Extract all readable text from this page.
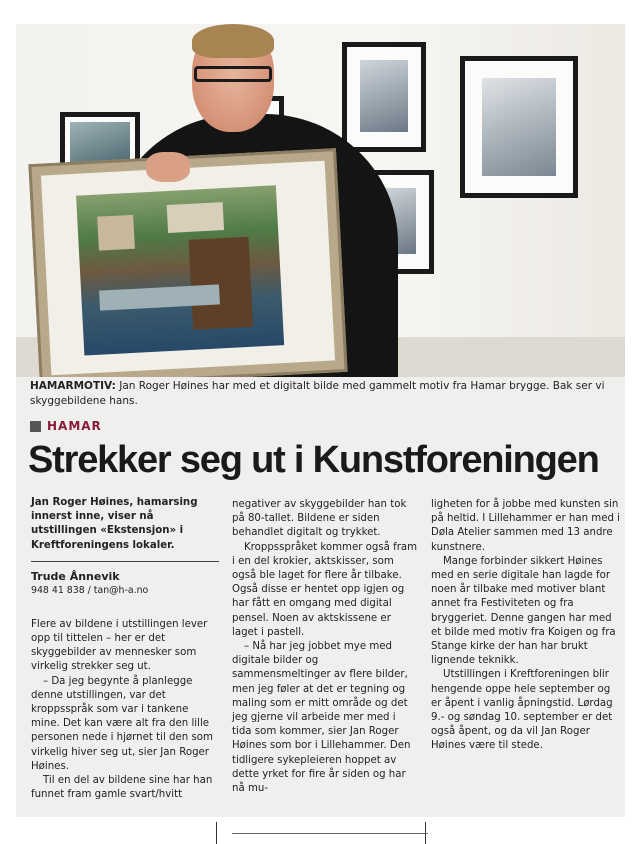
HAMARMOTIV: Jan Roger Høines har med et digitalt bilde med gammelt motiv fra Hamar brygge. Bak ser vi skyggebildene hans.
HAMAR
Strekker seg ut i Kunstforeningen

Jan Roger Høines, hamarsing innerst inne, viser nå utstillingen «Ekstensjon» i Kreftforeningens lokaler.

Trude Ånnevik
948 41 838 / tan@h-a.no

Flere av bildene i utstillingen lever opp til tittelen – her er det skyggebilder av mennesker som virkelig strekker seg ut.

– Da jeg begynte å planlegge denne utstillingen, var det kroppsspråk som var i tankene mine. Det kan være alt fra den lille personen nede i hjørnet til den som virkelig hiver seg ut, sier Jan Roger Høines.

Til en del av bildene sine har han funnet fram gamle svart/hvitt

negativer av skyggebilder han tok på 80-tallet. Bildene er siden behandlet digitalt og trykket.

Kroppsspråket kommer også fram i en del krokier, aktskisser, som også ble laget for flere år tilbake. Også disse er hentet opp igjen og har fått en omgang med digital pensel. Noen av aktskissene er laget i pastell.

– Nå har jeg jobbet mye med digitale bilder og sammensmeltinger av flere bilder, men jeg føler at det er tegning og maling som er mitt område og det jeg gjerne vil arbeide mer med i tida som kommer, sier Jan Roger Høines som bor i Lillehammer. Den tidligere sykepleieren hoppet av dette yrket for fire år siden og har nå mu-

ligheten for å jobbe med kunsten sin på heltid. I Lillehammer er han med i Døla Atelier sammen med 13 andre kunstnere.

Mange forbinder sikkert Høines med en serie digitale han lagde for noen år tilbake med motiver blant annet fra Festiviteten og fra bryggeriet. Denne gangen har med et bilde med motiv fra Koigen og fra Stange kirke der han har brukt lignende teknikk.

Utstillingen i Kreftforeningen blir hengende oppe hele september og er åpent i vanlig åpningstid. Lørdag 9.- og søndag 10. september er det også åpent, og da vil Jan Roger Høines være til stede.
